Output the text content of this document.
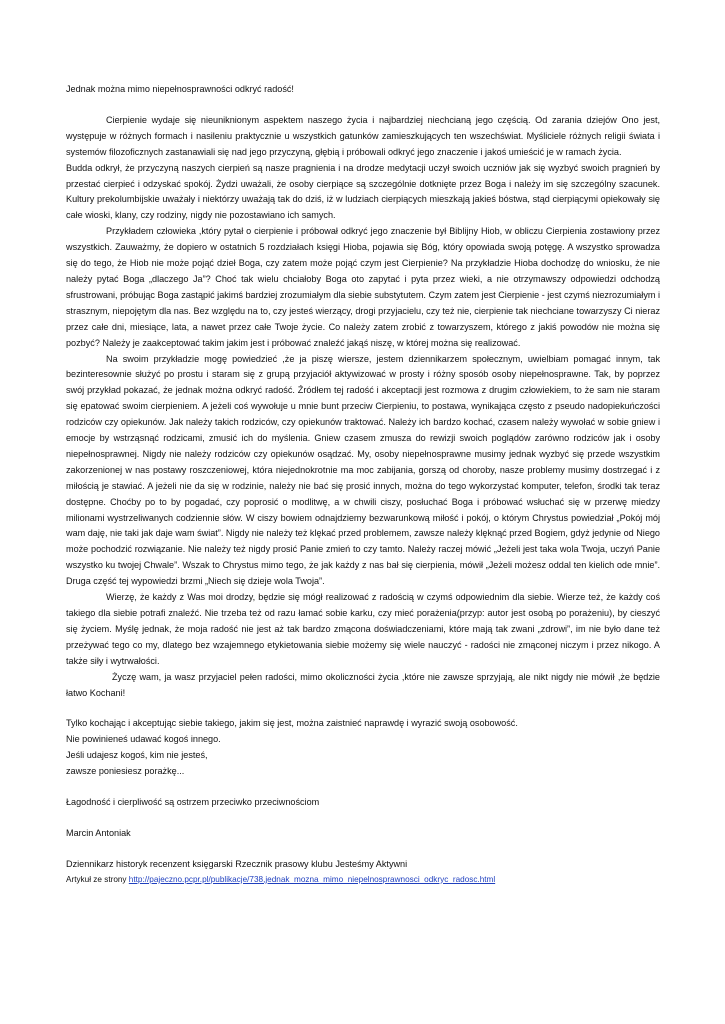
Jednak można mimo niepełnosprawności odkryć radość!

Cierpienie wydaje się nieuniknionym aspektem naszego życia i najbardziej niechcianą jego częścią. Od zarania dziejów Ono jest, występuje w różnych formach i nasileniu praktycznie u wszystkich gatunków zamieszkujących ten wszechświat. Myśliciele różnych religii świata i systemów filozoficznych zastanawiali się nad jego przyczyną, głębią i próbowali odkryć jego znaczenie i jakoś umieścić je w ramach życia.

Budda odkrył, że przyczyną naszych cierpień są nasze pragnienia i na drodze medytacji uczył swoich uczniów jak się wyzbyć swoich pragnień by przestać cierpieć i odzyskać spokój. Żydzi uważali, że osoby cierpiące są szczególnie dotknięte przez Boga i należy im się szczególny szacunek. Kultury prekolumbijskie uważały i niektórzy uważają tak do dziś, iż w ludziach cierpiących mieszkają jakieś bóstwa, stąd cierpiącymi opiekowały się całe wioski, klany, czy rodziny, nigdy nie pozostawiano ich samych.

Przykładem człowieka ,który pytał o cierpienie i próbował odkryć jego znaczenie był Biblijny Hiob, w obliczu Cierpienia zostawiony przez wszystkich. Zauważmy, że dopiero w ostatnich 5 rozdziałach księgi Hioba, pojawia się Bóg, który opowiada swoją potęgę. A wszystko sprowadza się do tego, że Hiob nie może pojąć dzieł Boga, czy zatem może pojąć czym jest Cierpienie? Na przykładzie Hioba dochodzę do wniosku, że nie należy pytać Boga „dlaczego Ja”? Choć tak wielu chciałoby Boga oto zapytać i pyta przez wieki, a nie otrzymawszy odpowiedzi odchodzą sfrustrowani, próbując Boga zastąpić jakimś bardziej zrozumiałym dla siebie substytutem. Czym zatem jest Cierpienie - jest czymś niezrozumiałym i strasznym, niepojętym dla nas. Bez względu na to, czy jesteś wierzący, drogi przyjacielu, czy też nie, cierpienie tak niechciane towarzyszy Ci nieraz przez całe dni, miesiące, lata, a nawet przez całe Twoje życie. Co należy zatem zrobić z towarzyszem, którego z jakiś powodów nie można się pozbyć? Należy je zaakceptować takim jakim jest i próbować znaleźć jakąś niszę, w której można się realizować.

Na swoim przykładzie mogę powiedzieć ,że ja piszę wiersze, jestem dziennikarzem społecznym, uwielbiam pomagać innym, tak bezinteresownie służyć po prostu i staram się z grupą przyjaciół aktywizować w prosty i różny sposób osoby niepełnosprawne. Tak, by poprzez swój przykład pokazać, że jednak można odkryć radość. Źródłem tej radość i akceptacji jest rozmowa z drugim człowiekiem, to że sam nie staram się epatować swoim cierpieniem. A jeżeli coś wywołuje u mnie bunt przeciw Cierpieniu, to postawa, wynikająca często z pseudo nadopiekuńczości rodziców czy opiekunów. Jak należy takich rodziców, czy opiekunów traktować. Należy ich bardzo kochać, czasem należy wywołać w sobie gniew i emocje by wstrząsnąć rodzicami, zmusić ich do myślenia. Gniew czasem zmusza do rewizji swoich poglądów zarówno rodziców jak i osoby niepełnosprawnej. Nigdy nie należy rodziców czy opiekunów osądzać. My, osoby niepełnosprawne musimy jednak wyzbyć się przede wszystkim zakorzenionej w nas postawy roszczeniowej, która niejednokrotnie ma moc zabijania, gorszą od choroby, nasze problemy musimy dostrzegać i z miłością je stawiać. A jeżeli nie da się w rodzinie, należy nie bać się prosić innych, można do tego wykorzystać komputer, telefon, środki tak teraz dostępne. Choćby po to by pogadać, czy poprosić o modlitwę, a w chwili ciszy, posłuchać Boga i próbować wsłuchać się w przerwę miedzy milionami wystrzeliwanych codziennie słów. W ciszy bowiem odnajdziemy bezwarunkową miłość i pokój, o którym Chrystus powiedział „Pokój mój wam daję, nie taki jak daje wam świat”. Nigdy nie należy też klękać przed problemem, zawsze należy klęknąć przed Bogiem, gdyż jedynie od Niego może pochodzić rozwiązanie. Nie należy też nigdy prosić Panie zmień to czy tamto. Należy raczej mówić „Jeżeli jest taka wola Twoja, uczyń Panie wszystko ku twojej Chwale”. Wszak to Chrystus mimo tego, że jak każdy z nas bał się cierpienia, mówił „Jeżeli możesz oddal ten kielich ode mnie”. Druga część tej wypowiedzi brzmi „Niech się dzieje wola Twoja”.

Wierzę, że każdy z Was moi drodzy, będzie się mógł realizować z radością w czymś odpowiednim dla siebie. Wierze też, że każdy coś takiego dla siebie potrafi znaleźć. Nie trzeba też od razu łamać sobie karku, czy mieć porażenia(przyp: autor jest osobą po porażeniu), by cieszyć się życiem. Myślę jednak, że moja radość nie jest aż tak bardzo zmącona doświadczeniami, które mają tak zwani „zdrowi”, im nie było dane też przeżywać tego co my, dlatego bez wzajemnego etykietowania siebie możemy się wiele nauczyć - radości nie zmąconej niczym i przez nikogo. A także siły i wytrwałości.

Życzę wam, ja wasz przyjaciel pełen radości, mimo okoliczności życia ,które nie zawsze sprzyjają, ale nikt nigdy nie mówił ,że będzie łatwo Kochani!

Tylko kochając i akceptując siebie takiego, jakim się jest, można zaistnieć naprawdę i wyrazić swoją osobowość.

Nie powinieneś udawać kogoś innego.

Jeśli udajesz kogoś, kim nie jesteś,

zawsze poniesiesz porażkę...

Łagodność i cierpliwość są ostrzem przeciwko przeciwnościom

Marcin Antoniak

Dziennikarz historyk recenzent księgarski Rzecznik prasowy klubu Jesteśmy Aktywni

Artykuł ze strony http://pajeczno.pcpr.pl/publikacje/738,jednak_mozna_mimo_niepelnosprawnosci_odkryc_radosc.html
